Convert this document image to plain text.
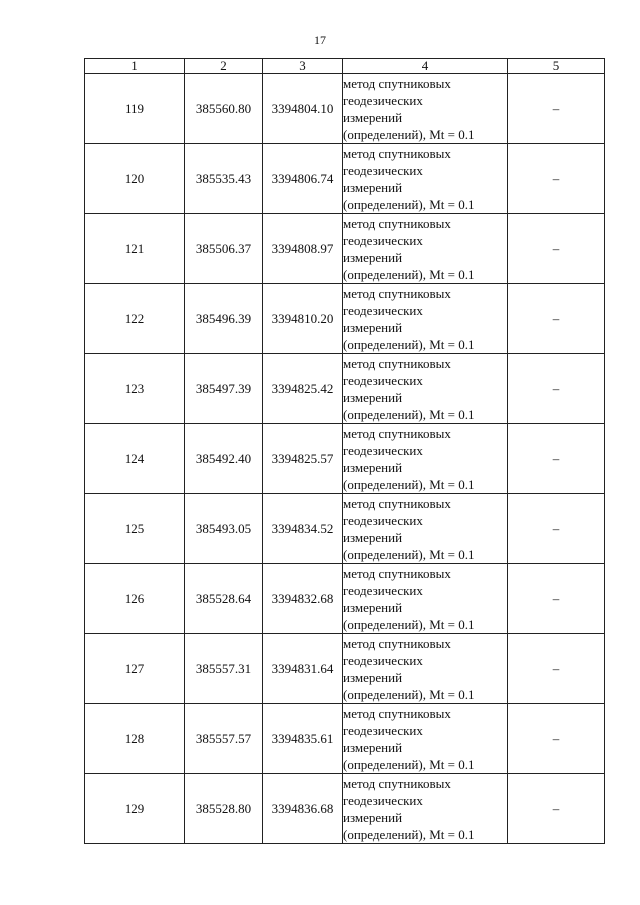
17
1	2	3	4	5
119	385560.80	3394804.10	метод спутниковых
геодезических
измерений
(определений), Mt = 0.1	–
120	385535.43	3394806.74	метод спутниковых
геодезических
измерений
(определений), Mt = 0.1	–
121	385506.37	3394808.97	метод спутниковых
геодезических
измерений
(определений), Mt = 0.1	–
122	385496.39	3394810.20	метод спутниковых
геодезических
измерений
(определений), Mt = 0.1	–
123	385497.39	3394825.42	метод спутниковых
геодезических
измерений
(определений), Mt = 0.1	–
124	385492.40	3394825.57	метод спутниковых
геодезических
измерений
(определений), Mt = 0.1	–
125	385493.05	3394834.52	метод спутниковых
геодезических
измерений
(определений), Mt = 0.1	–
126	385528.64	3394832.68	метод спутниковых
геодезических
измерений
(определений), Mt = 0.1	–
127	385557.31	3394831.64	метод спутниковых
геодезических
измерений
(определений), Mt = 0.1	–
128	385557.57	3394835.61	метод спутниковых
геодезических
измерений
(определений), Mt = 0.1	–
129	385528.80	3394836.68	метод спутниковых
геодезических
измерений
(определений), Mt = 0.1	–
